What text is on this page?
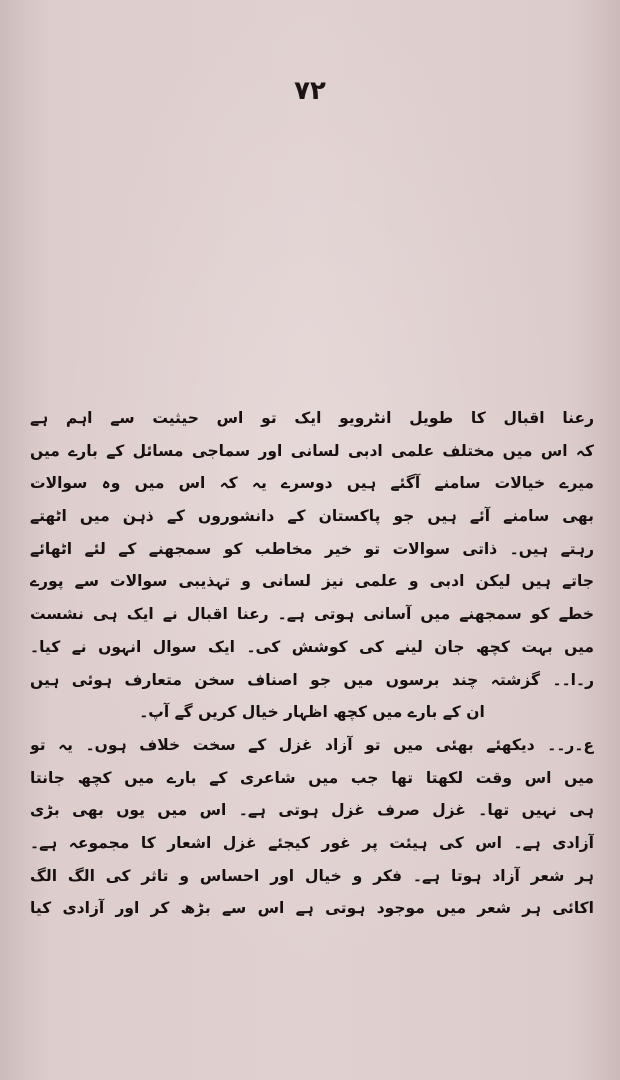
۷۲
رعنا اقبال کا طویل انٹرویو ایک تو اس حیثیت سے اہم ہے
کہ اس میں مختلف علمی ادبی لسانی اور سماجی مسائل کے بارے میں
میرے خیالات سامنے آگئے ہیں دوسرے یہ کہ اس میں وہ سوالات
بھی سامنے آئے ہیں جو پاکستان کے دانشوروں کے ذہن میں اٹھتے
رہتے ہیں۔ ذاتی سوالات تو خیر مخاطب کو سمجھنے کے لئے اٹھائے
جاتے ہیں لیکن ادبی و علمی نیز لسانی و تہذیبی سوالات سے پورے
خطے کو سمجھنے میں آسانی ہوتی ہے۔ رعنا اقبال نے ایک ہی نشست
میں بہت کچھ جان لینے کی کوشش کی۔ ایک سوال انہوں نے کیا۔
ر۔ا۔۔ گزشتہ چند برسوں میں جو اصناف سخن متعارف ہوئی ہیں
ان کے بارے میں کچھ اظہار خیال کریں گے آپ۔
ع۔ر۔۔ دیکھئے بھئی میں تو آزاد غزل کے سخت خلاف ہوں۔ یہ تو
میں اس وقت لکھتا تھا جب میں شاعری کے بارے میں کچھ جانتا
ہی نہیں تھا۔ غزل صرف غزل ہوتی ہے۔ اس میں یوں بھی بڑی
آزادی ہے۔ اس کی ہیئت پر غور کیجئے غزل اشعار کا مجموعہ ہے۔
ہر شعر آزاد ہوتا ہے۔ فکر و خیال اور احساس و تاثر کی الگ الگ
اکائی ہر شعر میں موجود ہوتی ہے اس سے بڑھ کر اور آزادی کیا
